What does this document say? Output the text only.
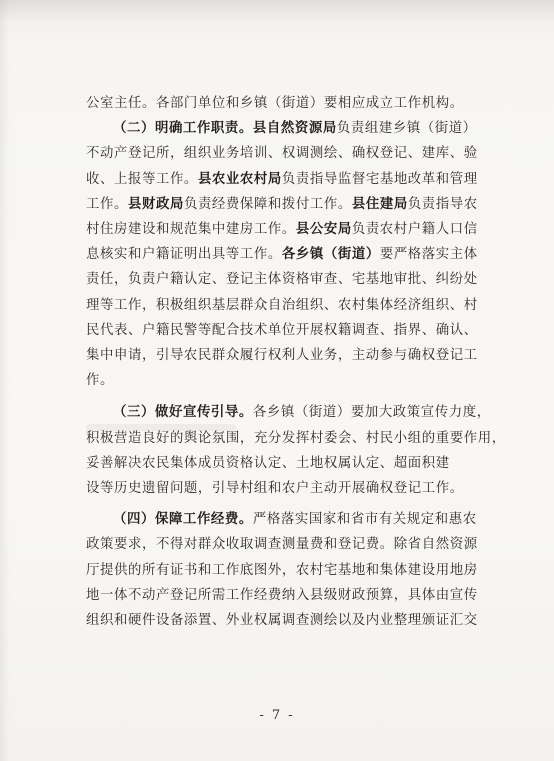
公室主任。各部门单位和乡镇（街道）要相应成立工作机构。
（二）明确工作职责。县自然资源局负责组建乡镇（街道）
不动产登记所，组织业务培训、权调测绘、确权登记、建库、验
收、上报等工作。县农业农村局负责指导监督宅基地改革和管理
工作。县财政局负责经费保障和拨付工作。县住建局负责指导农
村住房建设和规范集中建房工作。县公安局负责农村户籍人口信
息核实和户籍证明出具等工作。各乡镇（街道）要严格落实主体
责任，负责户籍认定、登记主体资格审查、宅基地审批、纠纷处
理等工作，积极组织基层群众自治组织、农村集体经济组织、村
民代表、户籍民警等配合技术单位开展权籍调查、指界、确认、
集中申请，引导农民群众履行权利人业务，主动参与确权登记工
作。
（三）做好宣传引导。各乡镇（街道）要加大政策宣传力度，
积极营造良好的舆论氛围，充分发挥村委会、村民小组的重要作用，
妥善解决农民集体成员资格认定、土地权属认定、超面积建
设等历史遗留问题，引导村组和农户主动开展确权登记工作。
（四）保障工作经费。严格落实国家和省市有关规定和惠农
政策要求，不得对群众收取调查测量费和登记费。除省自然资源
厅提供的所有证书和工作底图外，农村宅基地和集体建设用地房
地一体不动产登记所需工作经费纳入县级财政预算，具体由宣传
组织和硬件设备添置、外业权属调查测绘以及内业整理颁证汇交
- 7 -
